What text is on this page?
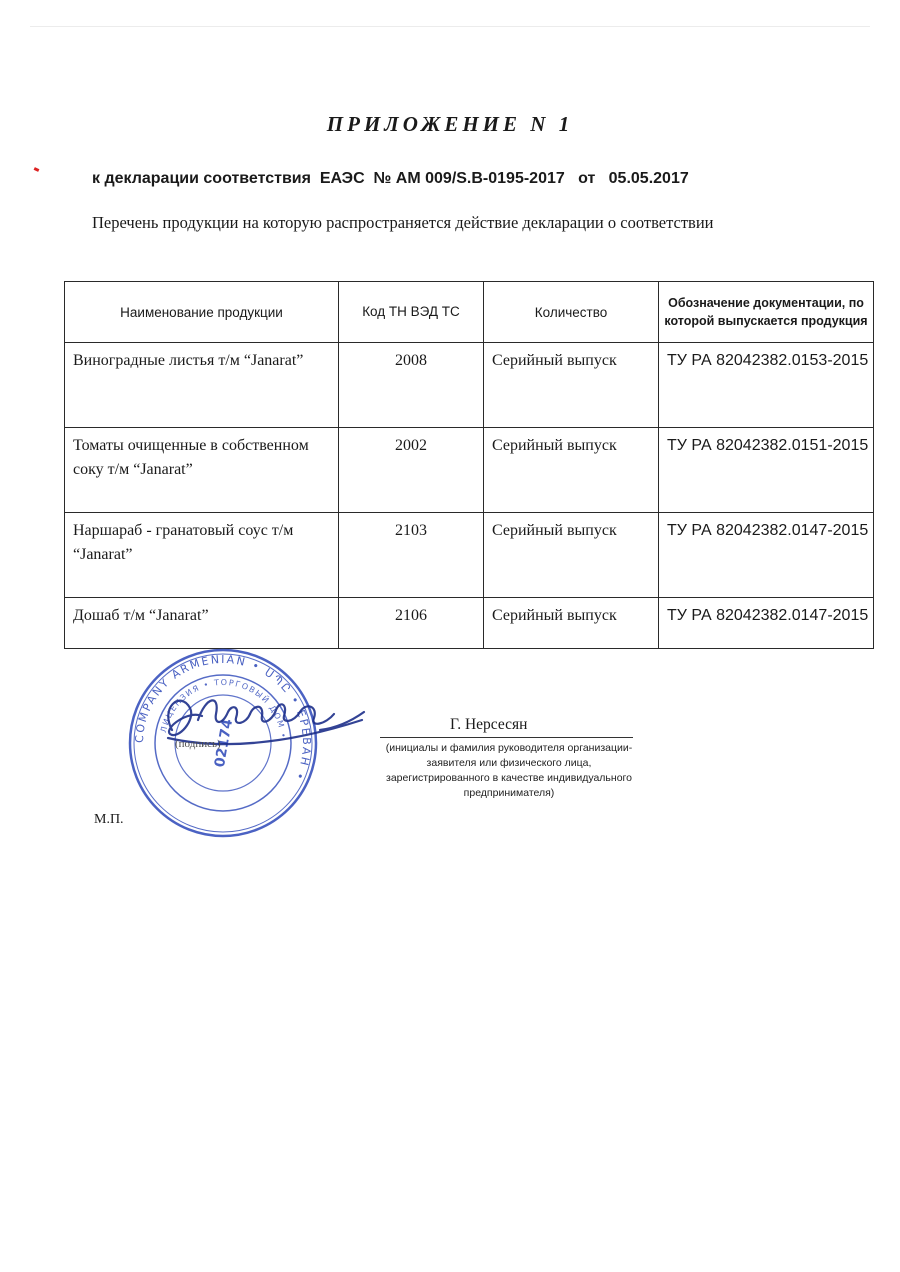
ПРИЛОЖЕНИЕ N 1
к декларации соответствия  ЕАЭС  № АМ 009/S.B-0195-2017   от   05.05.2017
Перечень продукции на которую распространяется действие декларации о соответствии
Наименование продукции	Код ТН ВЭД ТС	Количество	Обозначение документации, по которой выпускается продукция
Виноградные листья т/м “Janarat”	2008	Серийный выпуск	ТУ РА 82042382.0153-2015
Томаты очищенные в собственном соку т/м “Janarat”	2002	Серийный выпуск	ТУ РА 82042382.0151-2015
Наршараб - гранатовый соус т/м “Janarat”	2103	Серийный выпуск	ТУ РА 82042382.0147-2015
Дошаб т/м “Janarat”	2106	Серийный выпуск	ТУ РА 82042382.0147-2015
COMPANY ARMENIAN • ՍՊԸ • ЕРЕВАН •
ЛИЦЕНЗИЯ • ТОРГОВЫЙ ДОМ •
02174
(подпись)
Г. Нерсесян
(инициалы и фамилия руководителя организации-заявителя или физического лица, зарегистрированного в качестве индивидуального предпринимателя)
М.П.
